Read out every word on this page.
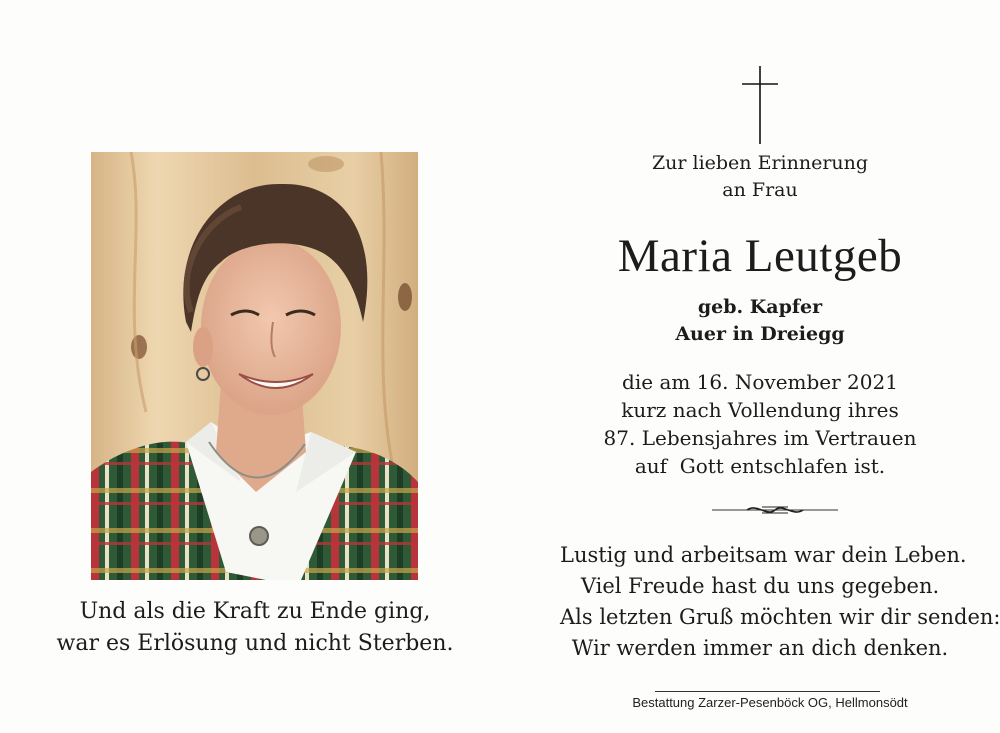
Und als die Kraft zu Ende ging,
war es Erlösung und nicht Sterben.
Zur lieben Erinnerung
an Frau
Maria Leutgeb
geb. Kapfer
Auer in Dreiegg
die am 16. November 2021
kurz nach Vollendung ihres
87. Lebensjahres im Vertrauen
auf  Gott entschlafen ist.
Lustig und arbeitsam war dein Leben.
Viel Freude hast du uns gegeben.
Als letzten Gruß möchten wir dir senden:
Wir werden immer an dich denken.
Bestattung Zarzer-Pesenböck OG, Hellmonsödt
